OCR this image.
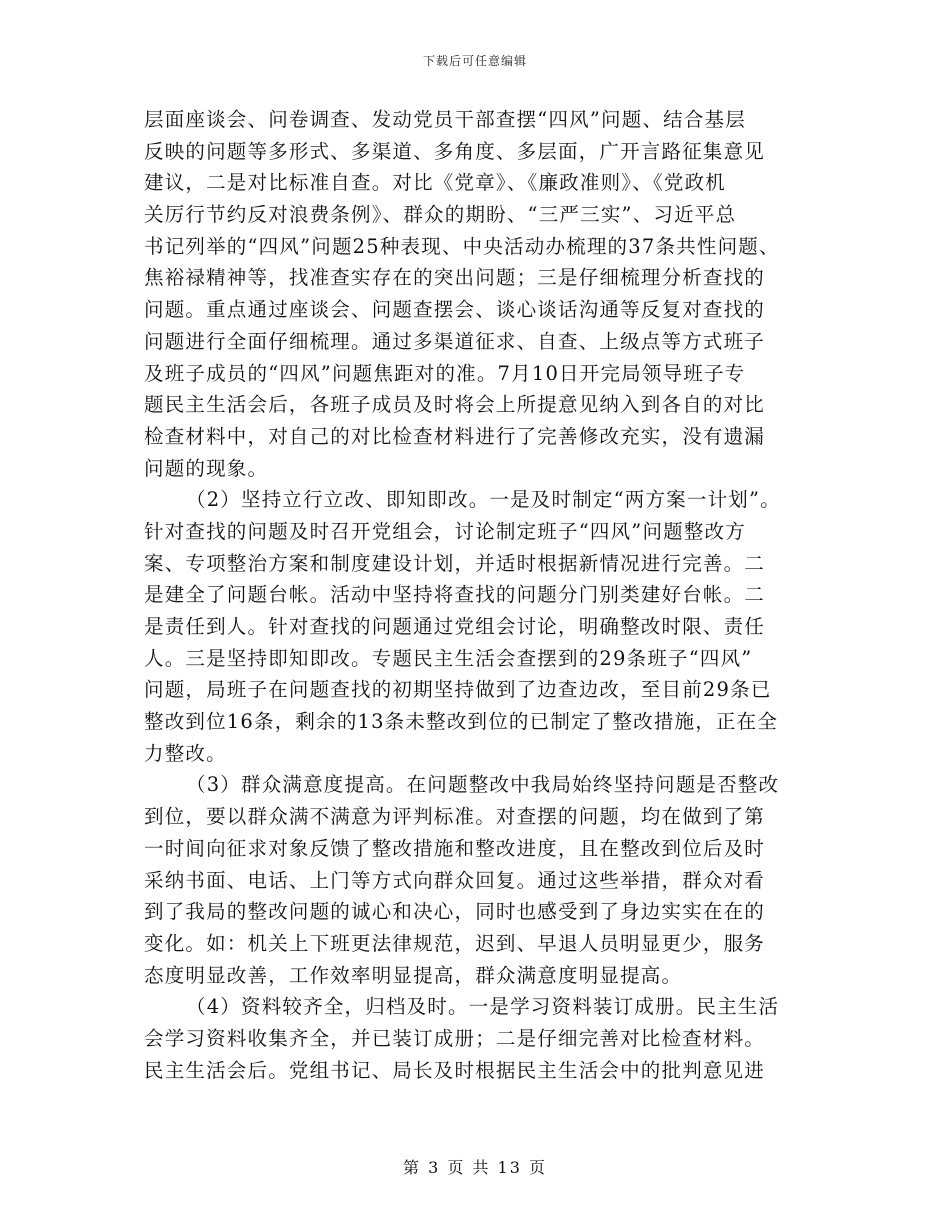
下载后可任意编辑
层面座谈会、问卷调查、发动党员干部查摆“四风”问题、结合基层
反映的问题等多形式、多渠道、多角度、多层面，广开言路征集意见
建议，二是对比标准自查。对比《党章》、《廉政准则》、《党政机
关厉行节约反对浪费条例》、群众的期盼、“三严三实”、习近平总
书记列举的“四风”问题25种表现、中央活动办梳理的37条共性问题、
焦裕禄精神等，找准查实存在的突出问题；三是仔细梳理分析查找的
问题。重点通过座谈会、问题查摆会、谈心谈话沟通等反复对查找的
问题进行全面仔细梳理。通过多渠道征求、自查、上级点等方式班子
及班子成员的“四风”问题焦距对的准。7月10日开完局领导班子专
题民主生活会后，各班子成员及时将会上所提意见纳入到各自的对比
检查材料中，对自己的对比检查材料进行了完善修改充实，没有遗漏
问题的现象。
（2）坚持立行立改、即知即改。一是及时制定“两方案一计划”。
针对查找的问题及时召开党组会，讨论制定班子“四风”问题整改方
案、专项整治方案和制度建设计划，并适时根据新情况进行完善。二
是建全了问题台帐。活动中坚持将查找的问题分门别类建好台帐。二
是责任到人。针对查找的问题通过党组会讨论，明确整改时限、责任
人。三是坚持即知即改。专题民主生活会查摆到的29条班子“四风”
问题，局班子在问题查找的初期坚持做到了边查边改，至目前29条已
整改到位16条，剩余的13条未整改到位的已制定了整改措施，正在全
力整改。
（3）群众满意度提高。在问题整改中我局始终坚持问题是否整改
到位，要以群众满不满意为评判标准。对查摆的问题，均在做到了第
一时间向征求对象反馈了整改措施和整改进度，且在整改到位后及时
采纳书面、电话、上门等方式向群众回复。通过这些举措，群众对看
到了我局的整改问题的诚心和决心，同时也感受到了身边实实在在的
变化。如：机关上下班更法律规范，迟到、早退人员明显更少，服务
态度明显改善，工作效率明显提高，群众满意度明显提高。
（4）资料较齐全，归档及时。一是学习资料装订成册。民主生活
会学习资料收集齐全，并已装订成册；二是仔细完善对比检查材料。
民主生活会后。党组书记、局长及时根据民主生活会中的批判意见进
第 3 页 共 13 页
